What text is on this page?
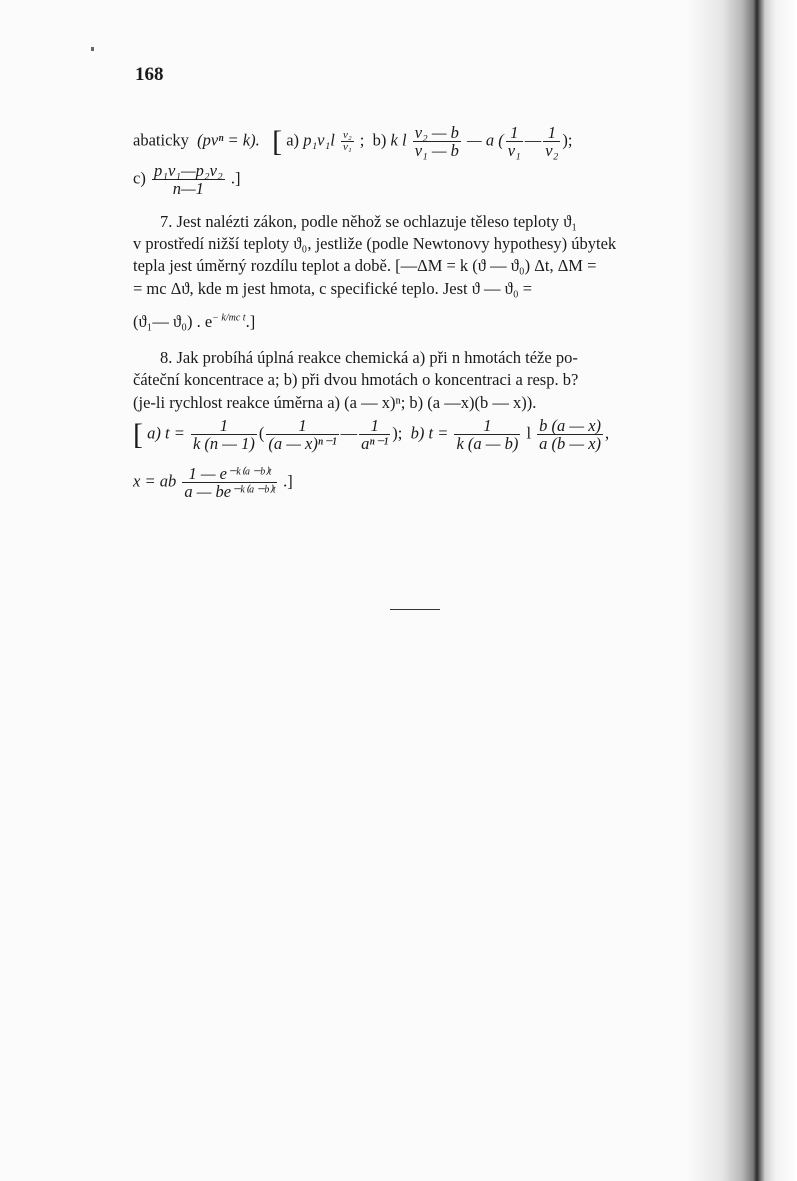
168
abaticky (pvⁿ = k). [ a) $p_1v_1l \frac{\text{v₂}}{\text{v₁}}$ ; b) k l $\frac{\text{v₂ — b}}{\text{v₁ — b}}$ — a ( $\frac{1}{\text{v₁}}$ — $\frac{1}{\text{v₂}}$ );
$c) \frac{\text{p₁v₁—p₂v₂}}{n—1}$ .]
7. Jest nalézti zákon, podle něhož se ochlazuje těleso teploty ϑ₁
v prostředí nižší teploty ϑ₀, jestliže (podle Newtonovy hypothesy) úbytek
tepla jest úměrný rozdílu teplot a době. [—ΔM = k (ϑ — ϑ₀) Δt, ΔM =
= mc Δϑ, kde m jest hmota, c specifické teplo. Jest ϑ — ϑ₀ =
(ϑ₁— ϑ₀) . $e^{- k/mc t}$.]
8. Jak probíhá úplná reakce chemická a) při n hmotách téže po-
čáteční koncentrace a; b) při dvou hmotách o koncentraci a resp. b?
(je-li rychlost reakce úměrna a) (a — x)ⁿ; b) (a —x)(b — x)).
[ a) $t = \frac{1}{k (n — 1)}$ ( $\frac{1}{\text{(a — x)ⁿ⁻¹}}$ — $\frac{1}{\text{aⁿ⁻¹}}$ ); b) $t = \frac{1}{k (a — b)}$ l $\frac{b (a — x)}{a (b — x)}$ ,
x = ab $\frac{\text{1 — e⁻ᵏ⁽ᵃ⁻ᵇ⁾ᵗ}}{\text{a — be⁻ᵏ⁽ᵃ⁻ᵇ⁾ᵗ}}$ .]
